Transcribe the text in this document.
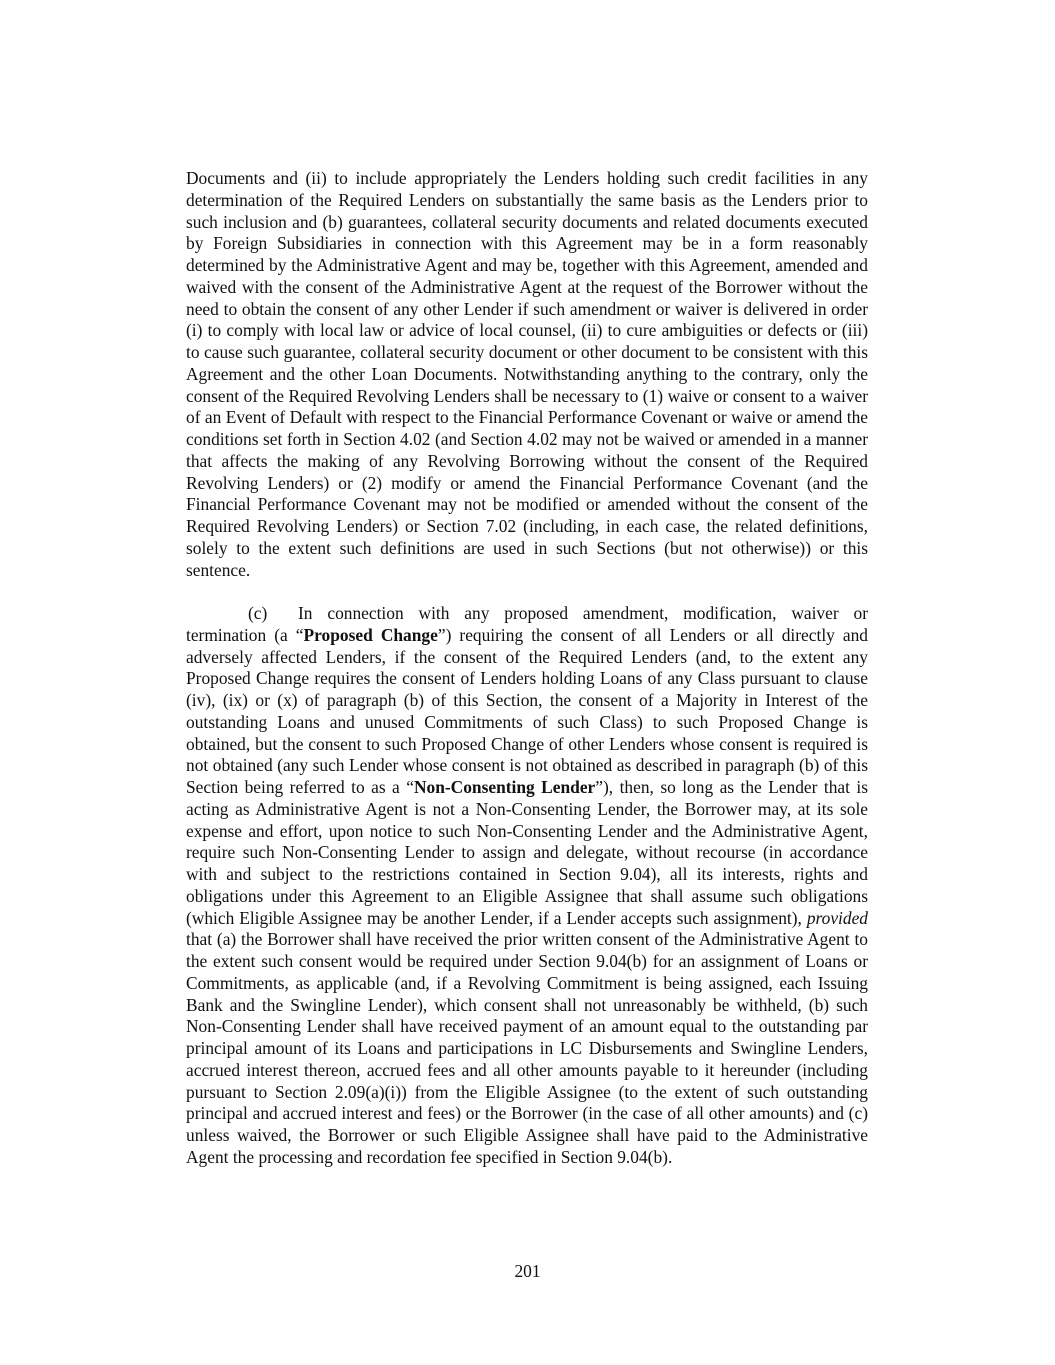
Documents and (ii) to include appropriately the Lenders holding such credit facilities in any determination of the Required Lenders on substantially the same basis as the Lenders prior to such inclusion and (b) guarantees, collateral security documents and related documents executed by Foreign Subsidiaries in connection with this Agreement may be in a form reasonably determined by the Administrative Agent and may be, together with this Agreement, amended and waived with the consent of the Administrative Agent at the request of the Borrower without the need to obtain the consent of any other Lender if such amendment or waiver is delivered in order (i) to comply with local law or advice of local counsel, (ii) to cure ambiguities or defects or (iii) to cause such guarantee, collateral security document or other document to be consistent with this Agreement and the other Loan Documents. Notwithstanding anything to the contrary, only the consent of the Required Revolving Lenders shall be necessary to (1) waive or consent to a waiver of an Event of Default with respect to the Financial Performance Covenant or waive or amend the conditions set forth in Section 4.02 (and Section 4.02 may not be waived or amended in a manner that affects the making of any Revolving Borrowing without the consent of the Required Revolving Lenders) or (2) modify or amend the Financial Performance Covenant (and the Financial Performance Covenant may not be modified or amended without the consent of the Required Revolving Lenders) or Section 7.02 (including, in each case, the related definitions, solely to the extent such definitions are used in such Sections (but not otherwise)) or this sentence.

(c) In connection with any proposed amendment, modification, waiver or termination (a “Proposed Change”) requiring the consent of all Lenders or all directly and adversely affected Lenders, if the consent of the Required Lenders (and, to the extent any Proposed Change requires the consent of Lenders holding Loans of any Class pursuant to clause (iv), (ix) or (x) of paragraph (b) of this Section, the consent of a Majority in Interest of the outstanding Loans and unused Commitments of such Class) to such Proposed Change is obtained, but the consent to such Proposed Change of other Lenders whose consent is required is not obtained (any such Lender whose consent is not obtained as described in paragraph (b) of this Section being referred to as a “Non-Consenting Lender”), then, so long as the Lender that is acting as Administrative Agent is not a Non-Consenting Lender, the Borrower may, at its sole expense and effort, upon notice to such Non-Consenting Lender and the Administrative Agent, require such Non-Consenting Lender to assign and delegate, without recourse (in accordance with and subject to the restrictions contained in Section 9.04), all its interests, rights and obligations under this Agreement to an Eligible Assignee that shall assume such obligations (which Eligible Assignee may be another Lender, if a Lender accepts such assignment), provided that (a) the Borrower shall have received the prior written consent of the Administrative Agent to the extent such consent would be required under Section 9.04(b) for an assignment of Loans or Commitments, as applicable (and, if a Revolving Commitment is being assigned, each Issuing Bank and the Swingline Lender), which consent shall not unreasonably be withheld, (b) such Non-Consenting Lender shall have received payment of an amount equal to the outstanding par principal amount of its Loans and participations in LC Disbursements and Swingline Lenders, accrued interest thereon, accrued fees and all other amounts payable to it hereunder (including pursuant to Section 2.09(a)(i)) from the Eligible Assignee (to the extent of such outstanding principal and accrued interest and fees) or the Borrower (in the case of all other amounts) and (c) unless waived, the Borrower or such Eligible Assignee shall have paid to the Administrative Agent the processing and recordation fee specified in Section 9.04(b).

201
